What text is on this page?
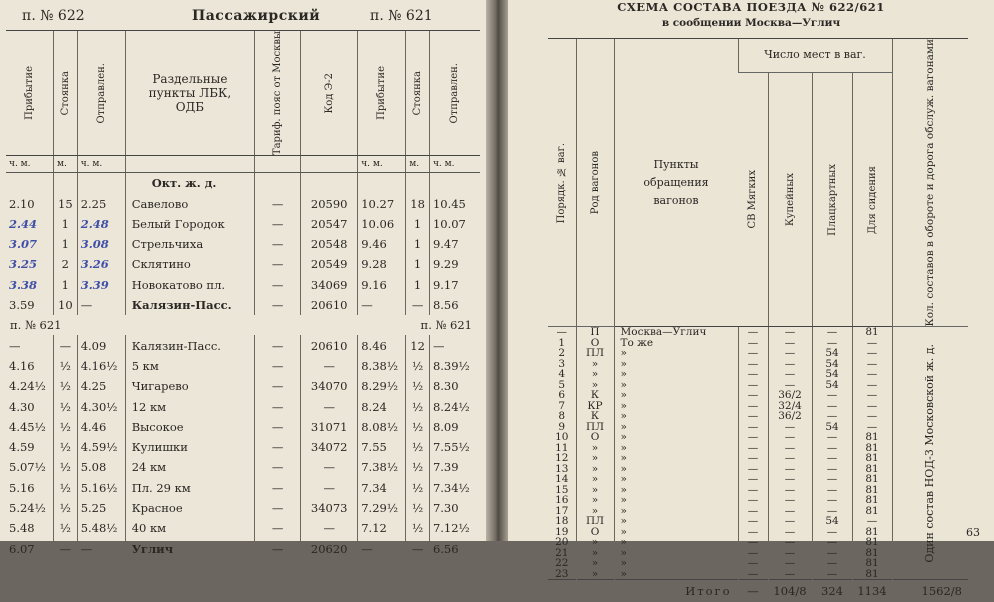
п. № 622	Пассажирский	п. № 621
Прибытие	Стоянка	Отправлен.	Раздельные пункты ЛБК, ОДБ	Тариф. пояс от Москвы	Код Э-2	Прибытие	Стоянка	Отправлен.

ч. м.	м.	ч. м.				ч. м.	м.	ч. м.
			Окт. ж. д.					
2.10	15	2.25	Савелово	—	20590	10.27	18	10.45
2.44	1	2.48	Белый Городок	—	20547	10.06	1	10.07
3.07	1	3.08	Стрельчиха	—	20548	9.46	1	9.47
3.25	2	3.26	Склятино	—	20549	9.28	1	9.29
3.38	1	3.39	Новокатово пл.	—	34069	9.16	1	9.17
3.59	10	—	Калязин-Пасс.	—	20610	—	—	8.56
п. № 621						п. № 621		
—	—	4.09	Калязин-Пасс.	—	20610	8.46	12	—
4.16	½	4.16½	5 км	—	—	8.38½	½	8.39½
4.24½	½	4.25	Чигарево	—	34070	8.29½	½	8.30
4.30	½	4.30½	12 км	—	—	8.24	½	8.24½
4.45½	½	4.46	Высокое	—	31071	8.08½	½	8.09
4.59	½	4.59½	Кулишки	—	34072	7.55	½	7.55½
5.07½	½	5.08	24 км	—	—	7.38½	½	7.39
5.16	½	5.16½	Пл. 29 км	—	—	7.34	½	7.34½
5.24½	½	5.25	Красное	—	34073	7.29½	½	7.30
5.48	½	5.48½	40 км	—	—	7.12	½	7.12½
6.07	—	—	Углич	—	20620	—	—	6.56
СХЕМА СОСТАВА ПОЕЗДА № 622/621
в сообщении Москва—Углич
Порядк. № ваг.	Род вагонов	Пункты обращения вагонов	Число мест в ваг.				Кол. составов в обороте и дорога обслуж. вагонами

			СВ Мягких	Купейных	Плацкартных	Для сидения	

—	П	Москва—Углич	—	—	—	81	Один состав НОД-3 Московской ж. д.

1	О	То же	—	—	—	—	
2	ПЛ	»	—	—	54	—	
3	»	»	—	—	54	—	
4	»	»	—	—	54	—	
5	»	»	—	—	54	—	
6	К	»	—	36/2	—	—	
7	КР	»	—	32/4	—	—	
8	К	»	—	36/2	—	—	
9	ПЛ	»	—	—	54	—	
10	О	»	—	—	—	81	
11	»	»	—	—	—	81	
12	»	»	—	—	—	81	
13	»	»	—	—	—	81	
14	»	»	—	—	—	81	
15	»	»	—	—	—	81	
16	»	»	—	—	—	81	
17	»	»	—	—	—	81	
18	ПЛ	»	—	—	54	—	
19	О	»	—	—	—	81	
20	»	»	—	—	—	81	
21	»	»	—	—	—	81	
22	»	»	—	—	—	81	
23	»	»	—	—	—	81	
		Итого	—	104/8	324	1134	1562/8
63
